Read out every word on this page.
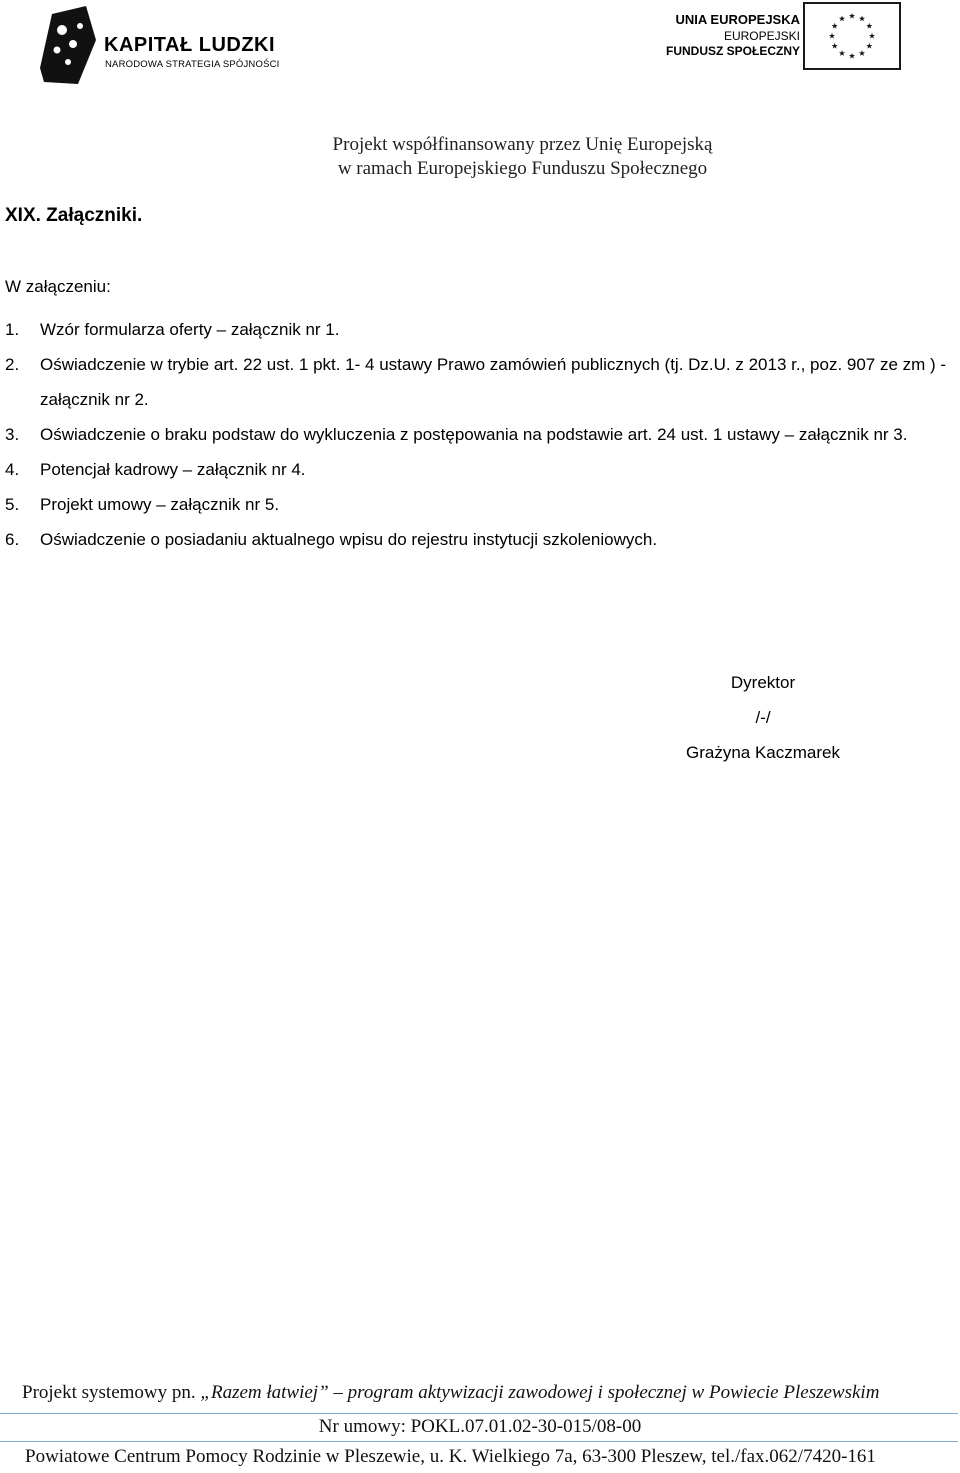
KAPITAŁ LUDZKI
NARODOWA STRATEGIA SPÓJNOŚCI
UNIA EUROPEJSKA
EUROPEJSKI
FUNDUSZ SPOŁECZNY
Projekt współfinansowany przez Unię Europejską
w ramach Europejskiego Funduszu Społecznego
XIX. Załączniki.
W załączeniu:
1. Wzór formularza oferty – załącznik nr 1.
2. Oświadczenie w trybie art. 22 ust. 1 pkt. 1- 4 ustawy Prawo zamówień publicznych (tj. Dz.U. z 2013 r., poz. 907 ze zm ) - załącznik nr 2.
3. Oświadczenie o braku podstaw do wykluczenia z postępowania na podstawie art. 24 ust. 1 ustawy – załącznik nr 3.
4. Potencjał kadrowy – załącznik nr 4.
5. Projekt umowy – załącznik nr 5.
6. Oświadczenie o posiadaniu aktualnego wpisu do rejestru instytucji szkoleniowych.
Dyrektor
/-/
Grażyna Kaczmarek
Projekt systemowy pn. „Razem łatwiej” – program aktywizacji zawodowej i społecznej w Powiecie Pleszewskim
Nr umowy: POKL.07.01.02-30-015/08-00
Powiatowe Centrum Pomocy Rodzinie w Pleszewie, u. K. Wielkiego 7a, 63-300 Pleszew, tel./fax.062/7420-161
